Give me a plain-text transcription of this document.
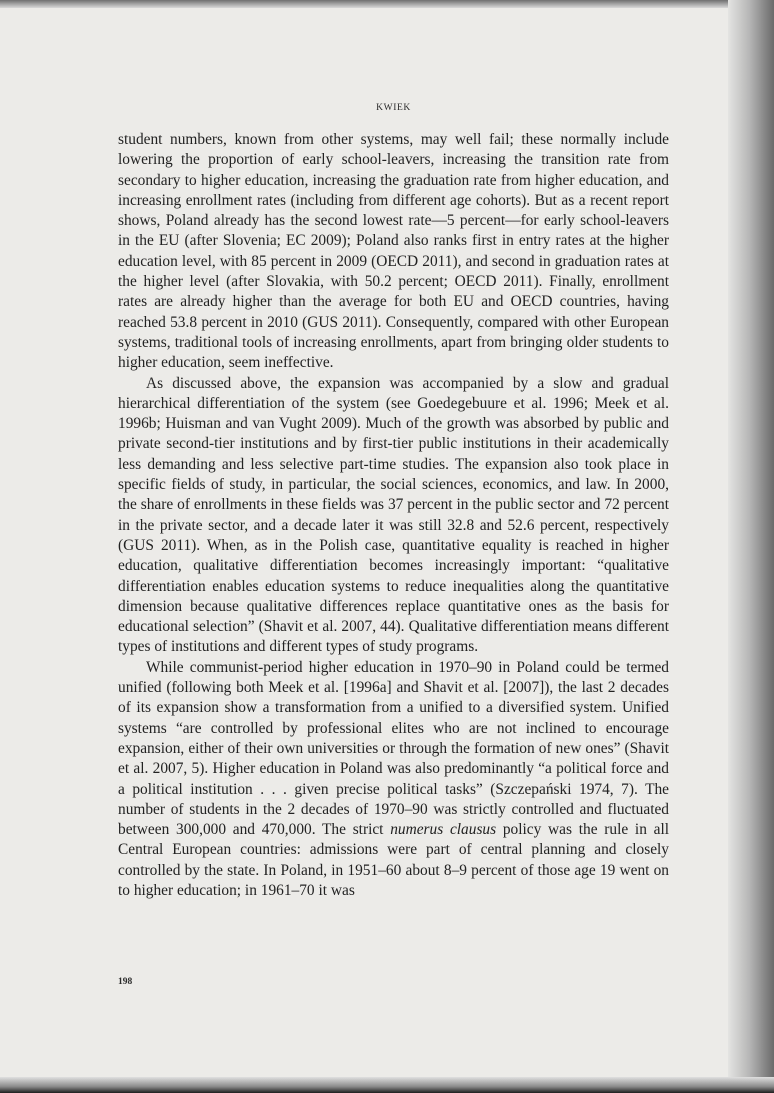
KWIEK

student numbers, known from other systems, may well fail; these normally include lowering the proportion of early school-leavers, increasing the transition rate from secondary to higher education, increasing the graduation rate from higher education, and increasing enrollment rates (including from different age cohorts). But as a recent report shows, Poland already has the second lowest rate—5 percent—for early school-leavers in the EU (after Slovenia; EC 2009); Poland also ranks first in entry rates at the higher education level, with 85 percent in 2009 (OECD 2011), and second in graduation rates at the higher level (after Slovakia, with 50.2 percent; OECD 2011). Finally, enrollment rates are already higher than the average for both EU and OECD countries, having reached 53.8 percent in 2010 (GUS 2011). Consequently, compared with other European systems, traditional tools of increasing enrollments, apart from bringing older students to higher education, seem ineffective.

As discussed above, the expansion was accompanied by a slow and gradual hierarchical differentiation of the system (see Goedegebuure et al. 1996; Meek et al. 1996b; Huisman and van Vught 2009). Much of the growth was absorbed by public and private second-tier institutions and by first-tier public institutions in their academically less demanding and less selective part-time studies. The expansion also took place in specific fields of study, in particular, the social sciences, economics, and law. In 2000, the share of enrollments in these fields was 37 percent in the public sector and 72 percent in the private sector, and a decade later it was still 32.8 and 52.6 percent, respectively (GUS 2011). When, as in the Polish case, quantitative equality is reached in higher education, qualitative differentiation becomes increasingly important: “qualitative differentiation enables education systems to reduce inequalities along the quantitative dimension because qualitative differences replace quantitative ones as the basis for educational selection” (Shavit et al. 2007, 44). Qualitative differentiation means different types of institutions and different types of study programs.

While communist-period higher education in 1970–90 in Poland could be termed unified (following both Meek et al. [1996a] and Shavit et al. [2007]), the last 2 decades of its expansion show a transformation from a unified to a diversified system. Unified systems “are controlled by professional elites who are not inclined to encourage expansion, either of their own universities or through the formation of new ones” (Shavit et al. 2007, 5). Higher education in Poland was also predominantly “a political force and a political institution . . . given precise political tasks” (Szczepański 1974, 7). The number of students in the 2 decades of 1970–90 was strictly controlled and fluctuated between 300,000 and 470,000. The strict numerus clausus policy was the rule in all Central European countries: admissions were part of central planning and closely controlled by the state. In Poland, in 1951–60 about 8–9 percent of those age 19 went on to higher education; in 1961–70 it was

198
